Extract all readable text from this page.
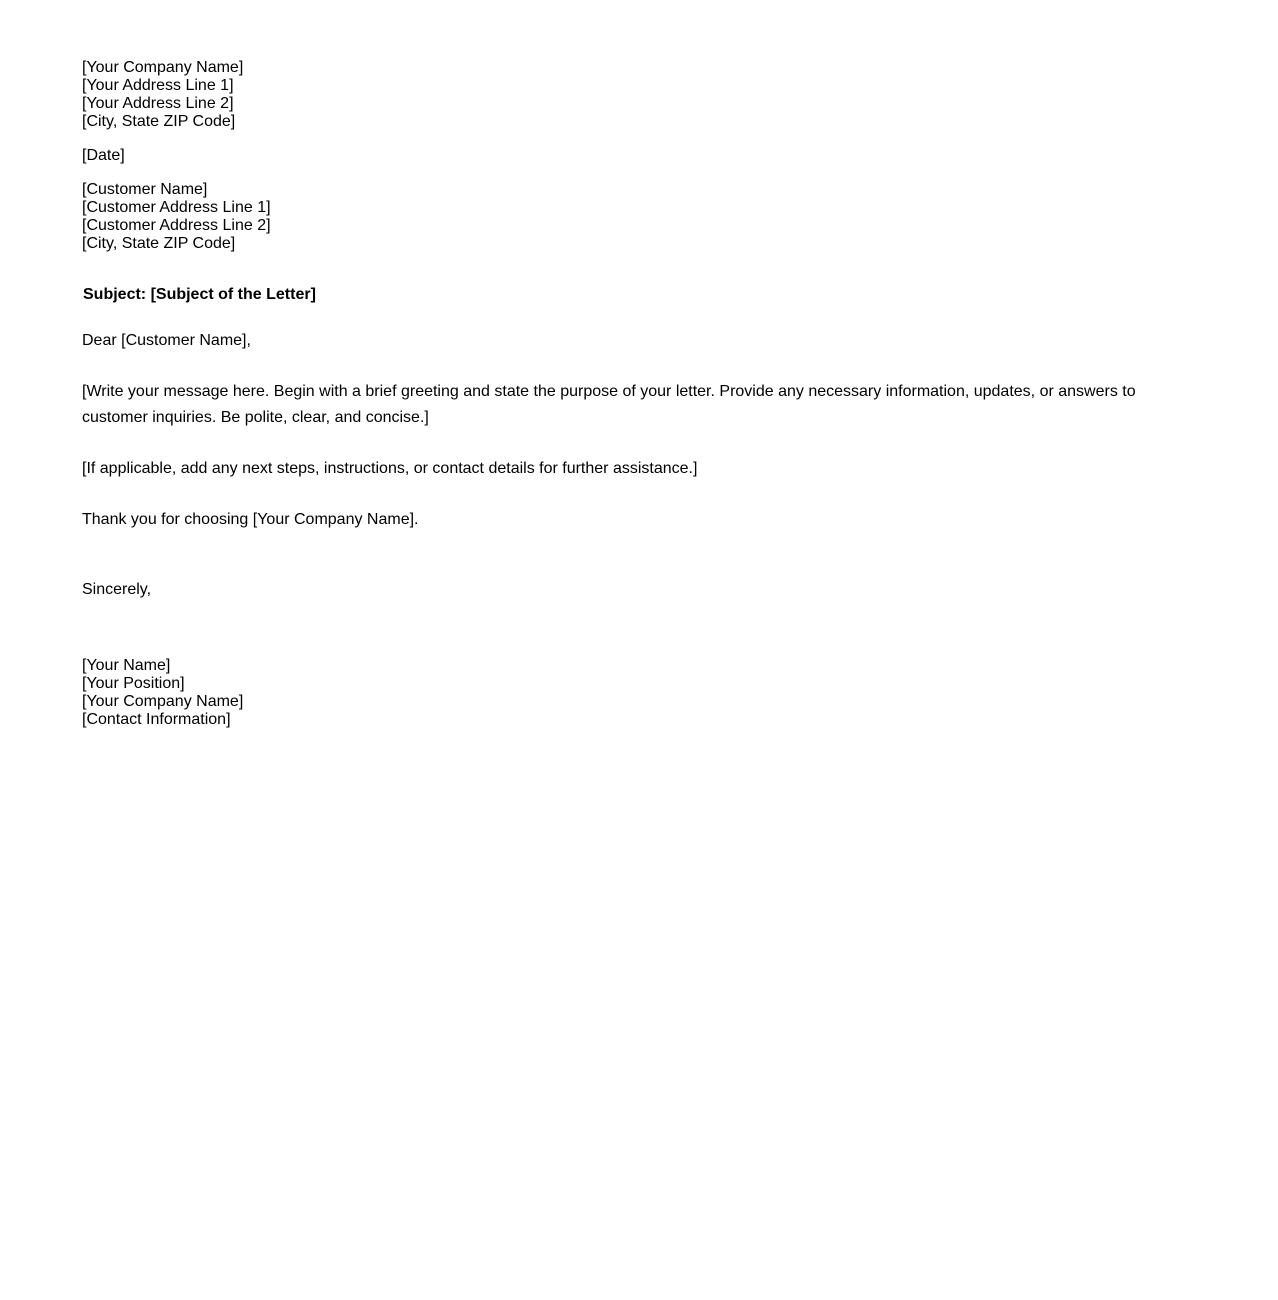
[Your Company Name]
[Your Address Line 1]
[Your Address Line 2]
[City, State ZIP Code]
[Date]
[Customer Name]
[Customer Address Line 1]
[Customer Address Line 2]
[City, State ZIP Code]
Subject: [Subject of the Letter]
Dear [Customer Name],
[Write your message here. Begin with a brief greeting and state the purpose of your letter. Provide any necessary information, updates, or answers to customer inquiries. Be polite, clear, and concise.]
[If applicable, add any next steps, instructions, or contact details for further assistance.]
Thank you for choosing [Your Company Name].
Sincerely,
[Your Name]
[Your Position]
[Your Company Name]
[Contact Information]
